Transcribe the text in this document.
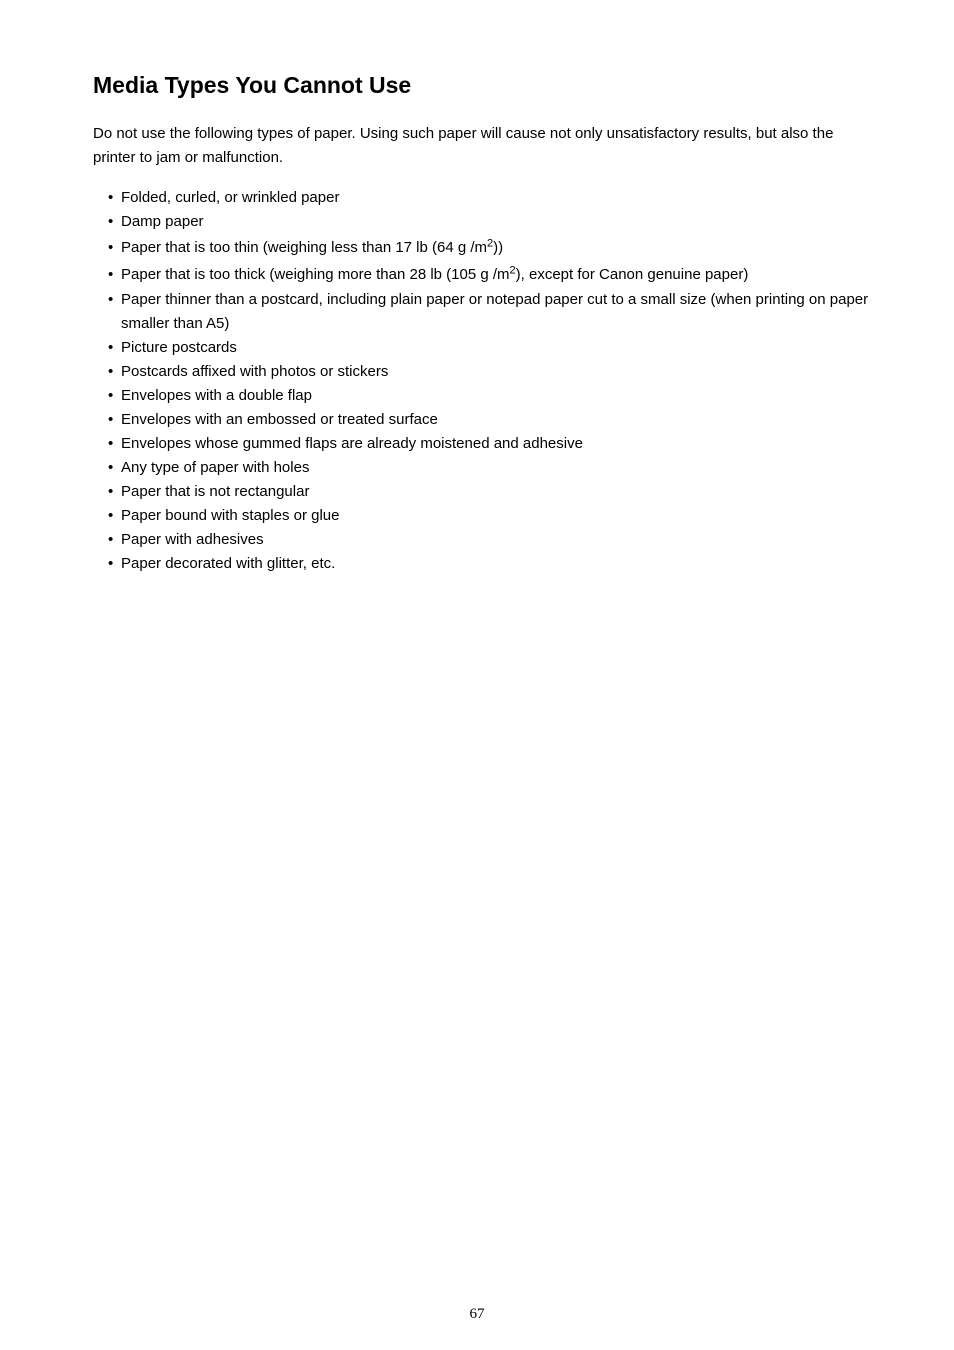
Media Types You Cannot Use

Do not use the following types of paper. Using such paper will cause not only unsatisfactory results, but also the printer to jam or malfunction.

• Folded, curled, or wrinkled paper
• Damp paper
• Paper that is too thin (weighing less than 17 lb (64 g $/m^2$))
• Paper that is too thick (weighing more than 28 lb (105 g $/m^2$), except for Canon genuine paper)
• Paper thinner than a postcard, including plain paper or notepad paper cut to a small size (when printing on paper smaller than A5)
• Picture postcards
• Postcards affixed with photos or stickers
• Envelopes with a double flap
• Envelopes with an embossed or treated surface
• Envelopes whose gummed flaps are already moistened and adhesive
• Any type of paper with holes
• Paper that is not rectangular
• Paper bound with staples or glue
• Paper with adhesives
• Paper decorated with glitter, etc.
67
